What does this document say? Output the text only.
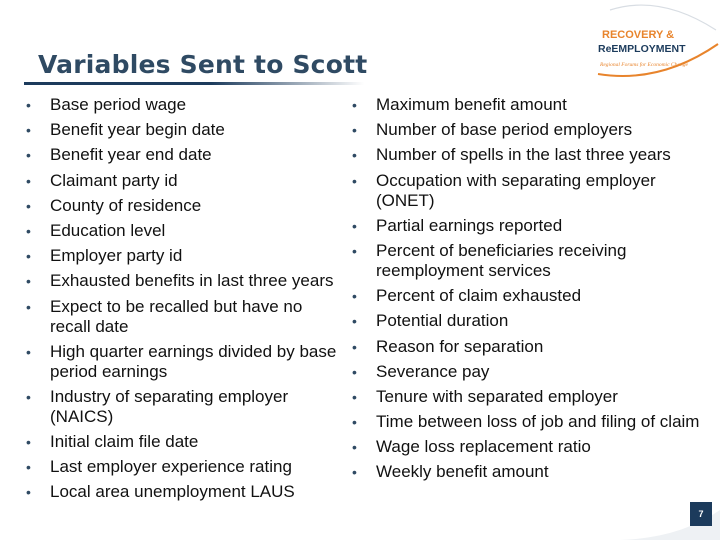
Variables Sent to Scott
RECOVERY &
ReEMPLOYMENT
Regional Forums for Economic Change
• Base period wage
• Benefit year begin date
• Benefit year end date
• Claimant party id
• County of residence
• Education level
• Employer party id
• Exhausted benefits in last three years
• Expect to be recalled but have no recall date
• High quarter earnings divided by base period earnings
• Industry of separating employer (NAICS)
• Initial claim file date
• Last employer experience rating
• Local area unemployment LAUS
• Maximum benefit amount
• Number of base period employers
• Number of spells in the last three years
• Occupation with separating employer (ONET)
• Partial earnings reported
• Percent of beneficiaries receiving reemployment services
• Percent of claim exhausted
• Potential duration
• Reason for separation
• Severance pay
• Tenure with separated employer
• Time between loss of job and filing of claim
• Wage loss replacement ratio
• Weekly benefit amount
7
